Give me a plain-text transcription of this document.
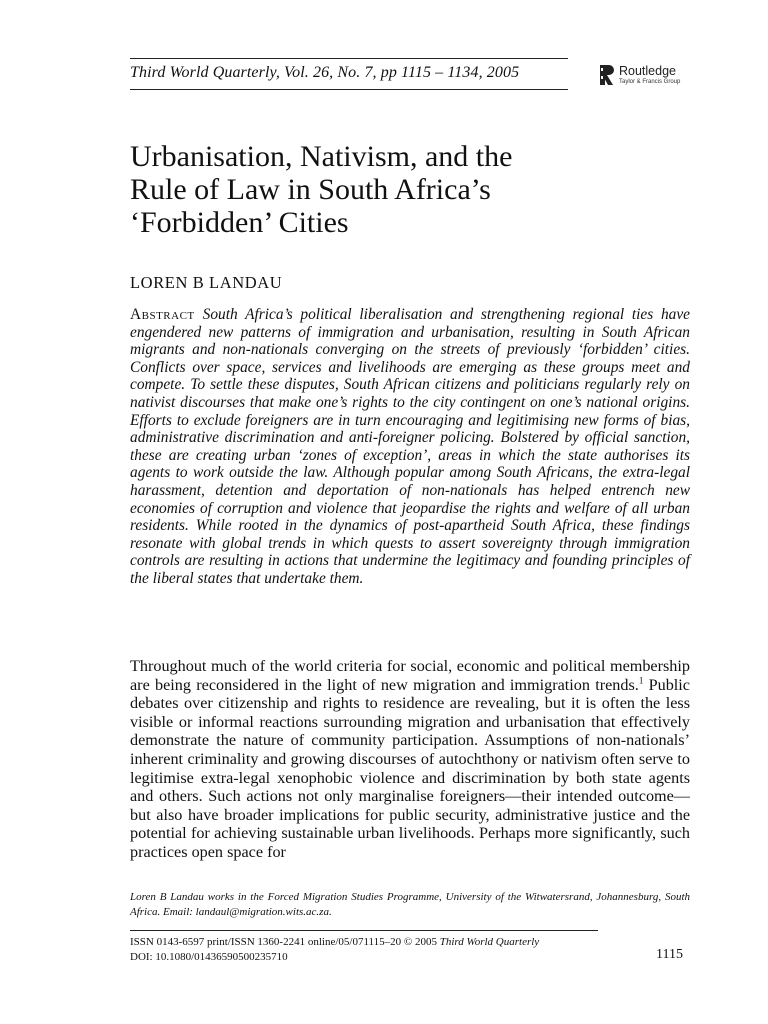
Third World Quarterly, Vol. 26, No. 7, pp 1115 – 1134, 2005	Routledge
Taylor & Francis Group
Urbanisation, Nativism, and the
Rule of Law in South Africa’s
‘Forbidden’ Cities
LOREN B LANDAU
Abstract South Africa’s political liberalisation and strengthening regional ties have engendered new patterns of immigration and urbanisation, resulting in South African migrants and non-nationals converging on the streets of previously ‘forbidden’ cities. Conflicts over space, services and livelihoods are emerging as these groups meet and compete. To settle these disputes, South African citizens and politicians regularly rely on nativist discourses that make one’s rights to the city contingent on one’s national origins. Efforts to exclude foreigners are in turn encouraging and legitimising new forms of bias, administrative discrimination and anti-foreigner policing. Bolstered by official sanction, these are creating urban ‘zones of exception’, areas in which the state authorises its agents to work outside the law. Although popular among South Africans, the extra-legal harassment, detention and deportation of non-nationals has helped entrench new economies of corruption and violence that jeopardise the rights and welfare of all urban residents. While rooted in the dynamics of post-apartheid South Africa, these findings resonate with global trends in which quests to assert sovereignty through immigration controls are resulting in actions that undermine the legitimacy and founding principles of the liberal states that undertake them.
Throughout much of the world criteria for social, economic and political membership are being reconsidered in the light of new migration and immigration trends.$^1$ Public debates over citizenship and rights to residence are revealing, but it is often the less visible or informal reactions surrounding migration and urbanisation that effectively demonstrate the nature of community participation. Assumptions of non-nationals’ inherent criminality and growing discourses of autochthony or nativism often serve to legitimise extra-legal xenophobic violence and discrimination by both state agents and others. Such actions not only marginalise foreigners—their intended outcome—but also have broader implications for public security, administrative justice and the potential for achieving sustainable urban livelihoods. Perhaps more significantly, such practices open space for
Loren B Landau works in the Forced Migration Studies Programme, University of the Witwatersrand, Johannesburg, South Africa. Email: landaul@migration.wits.ac.za.
ISSN 0143-6597 print/ISSN 1360-2241 online/05/071115–20 © 2005 Third World Quarterly
DOI: 10.1080/01436590500235710	1115
